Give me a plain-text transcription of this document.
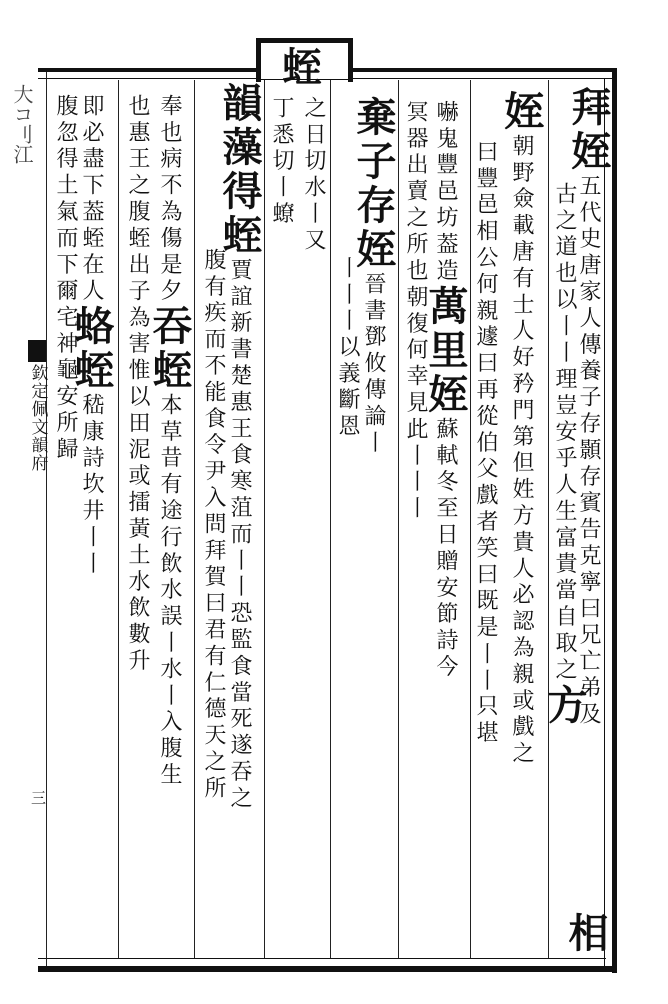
蛭
大コ刂江
欽定佩文韻府
三
拜
姪
五代史唐家人傳養子存顥存賓告克寧曰兄亡弟及
古之道也以
丨丨
理豈安乎人生富貴當自取之
方
相
姪
朝野僉載唐有士人好矜門第但姓方貴人必認為親或戲之
曰豐邑相公何親遽曰再從伯父戲者笑曰既是
丨丨
只堪
嚇鬼豐邑坊葢造
萬
里
姪
蘇軾冬至日贈安節詩今
冥器出賣之所也
朝復何幸見此丨丨丨
棄
子
存
姪
晉書鄧攸傳論丨
丨丨丨
以義斷恩
之日切水丨又
丁悉切丨蟟
韻
藻
得
蛭
賈誼新書楚惠王食寒菹而丨丨恐監食當死遂吞之
腹有疾而不能食令尹入問拜賀曰君有仁德天之所
奉也病不為傷是夕
吞
蛭
本草昔有途行飲水誤丨水丨入腹生
也惠王之腹蛭出
子為害惟以田泥或擂黃土水飲數升
即必盡下葢蛭在人
蛒
蛭
嵇康詩坎井丨丨
腹忽得土氣而下爾
宅神龜安所歸
